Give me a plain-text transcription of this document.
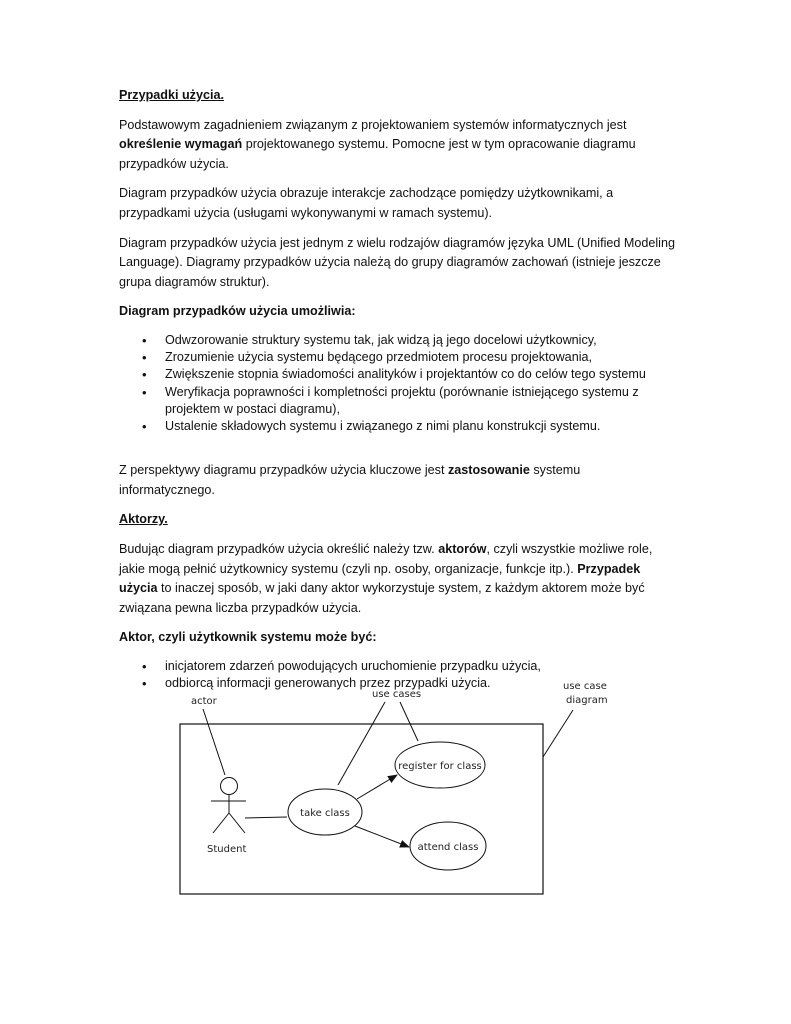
Przypadki użycia.

Podstawowym zagadnieniem związanym z projektowaniem systemów informatycznych jest określenie wymagań projektowanego systemu. Pomocne jest w tym opracowanie diagramu przypadków użycia.

Diagram przypadków użycia obrazuje interakcje zachodzące pomiędzy użytkownikami, a przypadkami użycia (usługami wykonywanymi w ramach systemu).

Diagram przypadków użycia jest jednym z wielu rodzajów diagramów języka UML (Unified Modeling Language). Diagramy przypadków użycia należą do grupy diagramów zachowań (istnieje jeszcze grupa diagramów struktur).

Diagram przypadków użycia umożliwia:

• Odwzorowanie struktury systemu tak, jak widzą ją jego docelowi użytkownicy,
• Zrozumienie użycia systemu będącego przedmiotem procesu projektowania,
• Zwiększenie stopnia świadomości analityków i projektantów co do celów tego systemu
• Weryfikacja poprawności i kompletności projektu (porównanie istniejącego systemu z projektem w postaci diagramu),
• Ustalenie składowych systemu i związanego z nimi planu konstrukcji systemu.

Z perspektywy diagramu przypadków użycia kluczowe jest zastosowanie systemu informatycznego.

Aktorzy.

Budując diagram przypadków użycia określić należy tzw. aktorów, czyli wszystkie możliwe role, jakie mogą pełnić użytkownicy systemu (czyli np. osoby, organizacje, funkcje itp.). Przypadek użycia to inaczej sposób, w jaki dany aktor wykorzystuje system, z każdym aktorem może być związana pewna liczba przypadków użycia.

Aktor, czyli użytkownik systemu może być:

• inicjatorem zdarzeń powodujących uruchomienie przypadku użycia,
• odbiorcą informacji generowanych przez przypadki użycia.
actor
use cases
use case
diagram
Student
take class
register for class
attend class
